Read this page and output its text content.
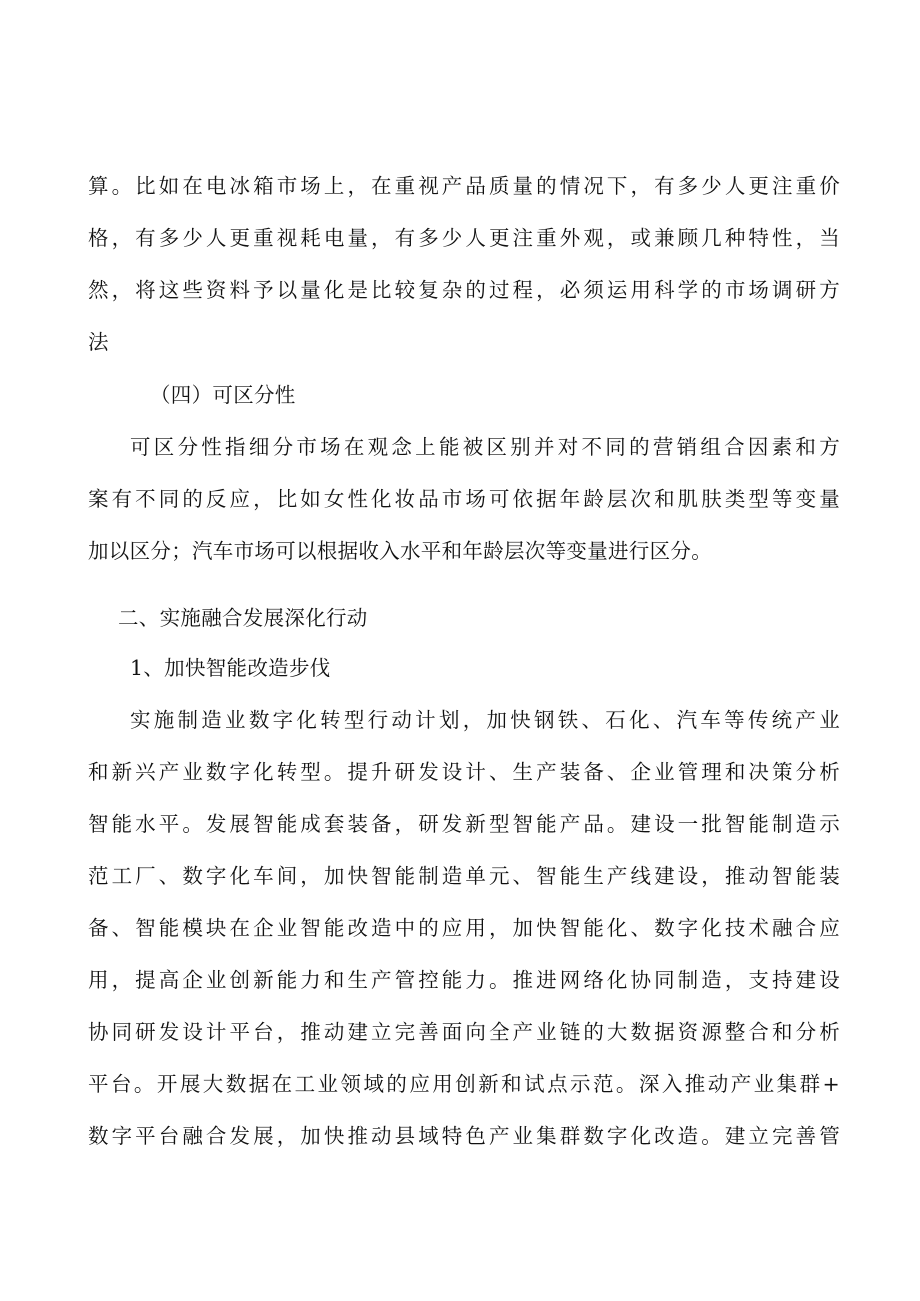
算。比如在电冰箱市场上，在重视产品质量的情况下，有多少人更注重价
格，有多少人更重视耗电量，有多少人更注重外观，或兼顾几种特性，当
然，将这些资料予以量化是比较复杂的过程，必须运用科学的市场调研方
法
（四）可区分性
可区分性指细分市场在观念上能被区别并对不同的营销组合因素和方
案有不同的反应，比如女性化妆品市场可依据年龄层次和肌肤类型等变量
加以区分；汽车市场可以根据收入水平和年龄层次等变量进行区分。
二、实施融合发展深化行动
1、加快智能改造步伐
实施制造业数字化转型行动计划，加快钢铁、石化、汽车等传统产业
和新兴产业数字化转型。提升研发设计、生产装备、企业管理和决策分析
智能水平。发展智能成套装备，研发新型智能产品。建设一批智能制造示
范工厂、数字化车间，加快智能制造单元、智能生产线建设，推动智能装
备、智能模块在企业智能改造中的应用，加快智能化、数字化技术融合应
用，提高企业创新能力和生产管控能力。推进网络化协同制造，支持建设
协同研发设计平台，推动建立完善面向全产业链的大数据资源整合和分析
平台。开展大数据在工业领域的应用创新和试点示范。深入推动产业集群+
数字平台融合发展，加快推动县域特色产业集群数字化改造。建立完善管
